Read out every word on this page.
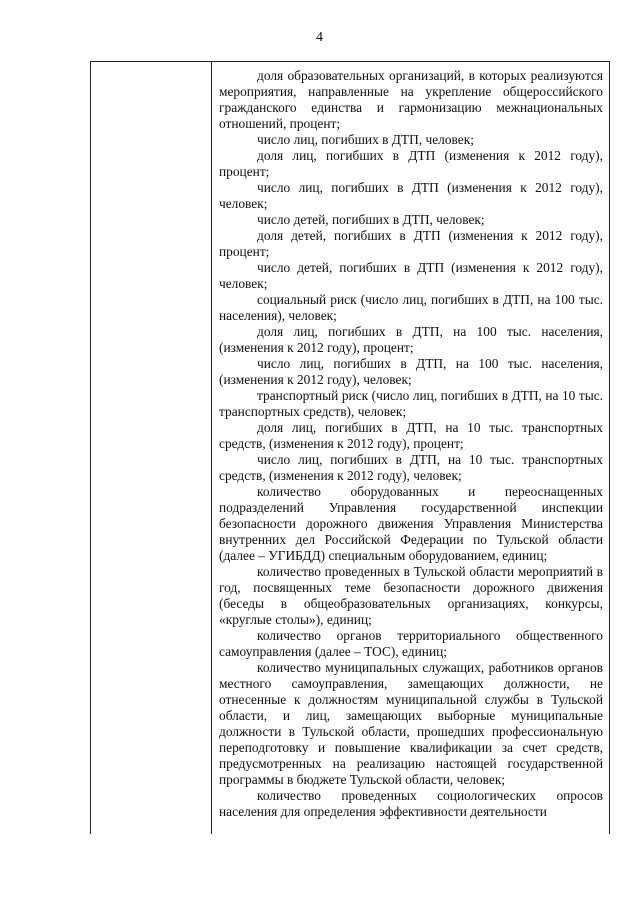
4

доля образовательных организаций, в которых реализуются мероприятия, направленные на укрепление общероссийского гражданского единства и гармонизацию межнациональных отношений, процент;

число лиц, погибших в ДТП, человек;

доля лиц, погибших в ДТП (изменения к 2012 году), процент;

число лиц, погибших в ДТП (изменения к 2012 году), человек;

число детей, погибших в ДТП, человек;

доля детей, погибших в ДТП (изменения к 2012 году), процент;

число детей, погибших в ДТП (изменения к 2012 году), человек;

социальный риск (число лиц, погибших в ДТП, на 100 тыс. населения), человек;

доля лиц, погибших в ДТП, на 100 тыс. населения, (изменения к 2012 году), процент;

число лиц, погибших в ДТП, на 100 тыс. населения, (изменения к 2012 году), человек;

транспортный риск (число лиц, погибших в ДТП, на 10 тыс. транспортных средств), человек;

доля лиц, погибших в ДТП, на 10 тыс. транспортных средств, (изменения к 2012 году), процент;

число лиц, погибших в ДТП, на 10 тыс. транспортных средств, (изменения к 2012 году), человек;

количество оборудованных и переоснащенных подразделений Управления государственной инспекции безопасности дорожного движения Управления Министерства внутренних дел Российской Федерации по Тульской области (далее – УГИБДД) специальным оборудованием, единиц;

количество проведенных в Тульской области мероприятий в год, посвященных теме безопасности дорожного движения (беседы в общеобразовательных организациях, конкурсы, «круглые столы»), единиц;

количество органов территориального общественного самоуправления (далее – ТОС), единиц;

количество муниципальных служащих, работников органов местного самоуправления, замещающих должности, не отнесенные к должностям муниципальной службы в Тульской области, и лиц, замещающих выборные муниципальные должности в Тульской области, прошедших профессиональную переподготовку и повышение квалификации за счет средств, предусмотренных на реализацию настоящей государственной программы в бюджете Тульской области, человек;

количество проведенных социологических опросов населения для определения эффективности деятельности
